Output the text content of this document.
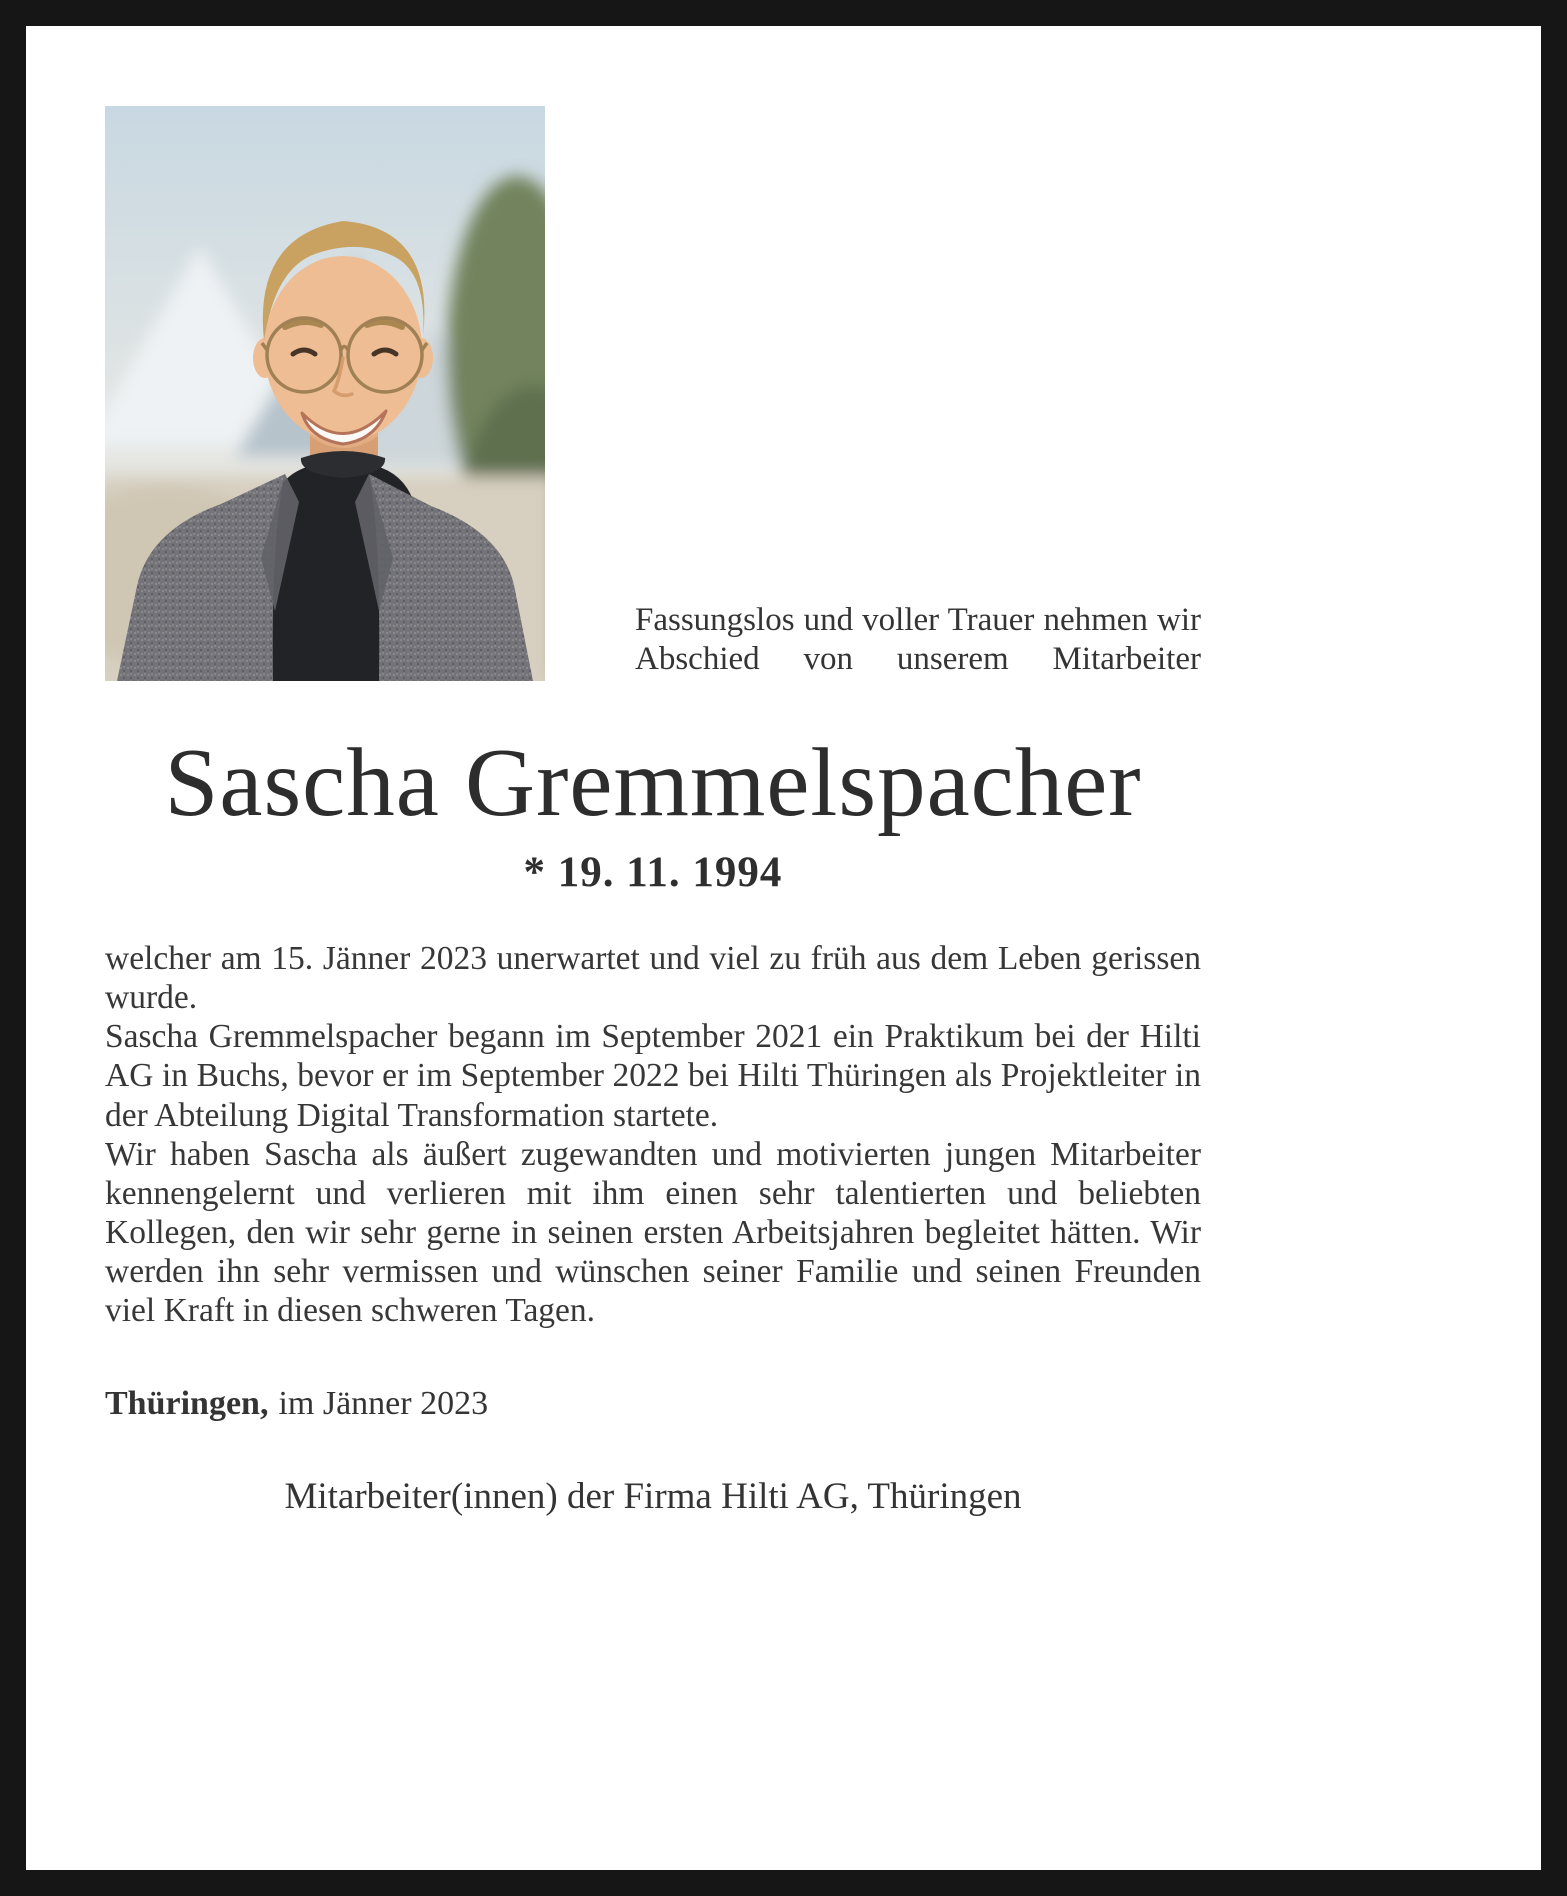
Fassungslos und voller Trauer nehmen wir Abschied von unserem Mitarbeiter
Sascha Gremmelspacher
* 19. 11. 1994

welcher am 15. Jänner 2023 unerwartet und viel zu früh aus dem Leben gerissen wurde.

Sascha Gremmelspacher begann im September 2021 ein Praktikum bei der Hilti AG in Buchs, bevor er im September 2022 bei Hilti Thüringen als Projektleiter in der Abteilung Digital Transformation startete.

Wir haben Sascha als äußert zugewandten und motivierten jungen Mitarbeiter kennengelernt und verlieren mit ihm einen sehr talentierten und beliebten Kollegen, den wir sehr gerne in seinen ersten Arbeitsjahren begleitet hätten. Wir werden ihn sehr vermissen und wünschen seiner Familie und seinen Freunden viel Kraft in diesen schweren Tagen.

Thüringen, im Jänner 2023
Mitarbeiter(innen) der Firma Hilti AG, Thüringen
